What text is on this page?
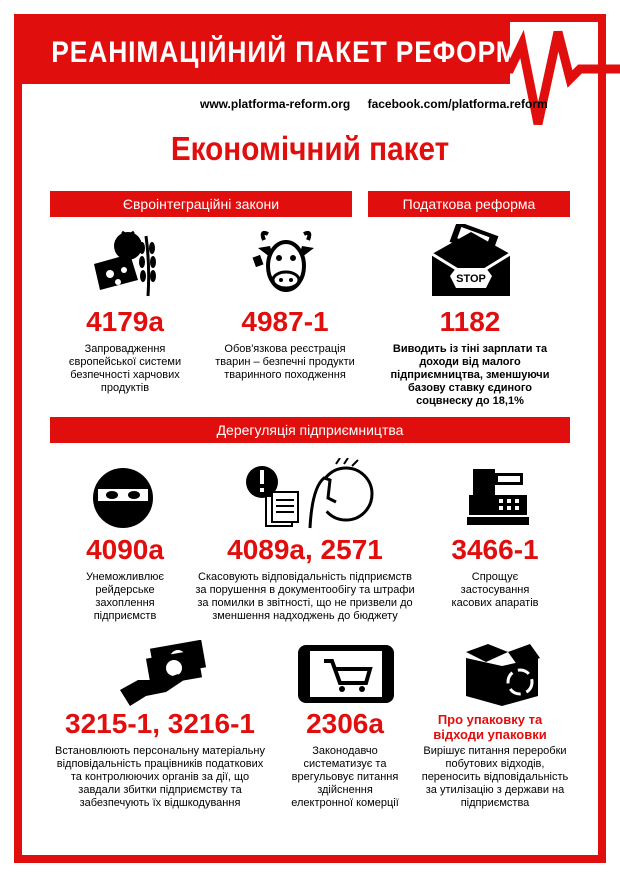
РЕАНІМАЦІЙНИЙ ПАКЕТ РЕФОРМ
www.platforma-reform.org facebook.com/platforma.reform
Економічний пакет
Євроінтеграційні закони	Податкова реформа
4179а
Запровадження європейської системи безпечності харчових продуктів
4987-1
Обов'язкова реєстрація тварин – безпечні продукти тваринного походження
STOP
1182
Виводить із тіні зарплати та доходи від малого підприємництва, зменшуючи базову ставку єдиного соцвнеску до 18,1%
Дерегуляція підприємництва
4090а
Унеможливлює рейдерське захоплення підприємств
4089а, 2571
Скасовують відповідальність підприємств за порушення в документообігу та штрафи за помилки в звітності, що не призвели до зменшення надходжень до бюджету
3466-1
Спрощує застосування касових апаратів
3215-1, 3216-1
Встановлюють персональну матеріальну відповідальність працівників податкових та контролюючих органів за дії, що завдали збитки підприємству та забезпечують їх відшкодування
2306а
Законодавчо систематизує та врегульовує питання здійснення електронної комерції
Про упаковку та відходи упаковки
Вирішує питання переробки побутових відходів, переносить відповідальність за утилізацію з держави на підприємства
